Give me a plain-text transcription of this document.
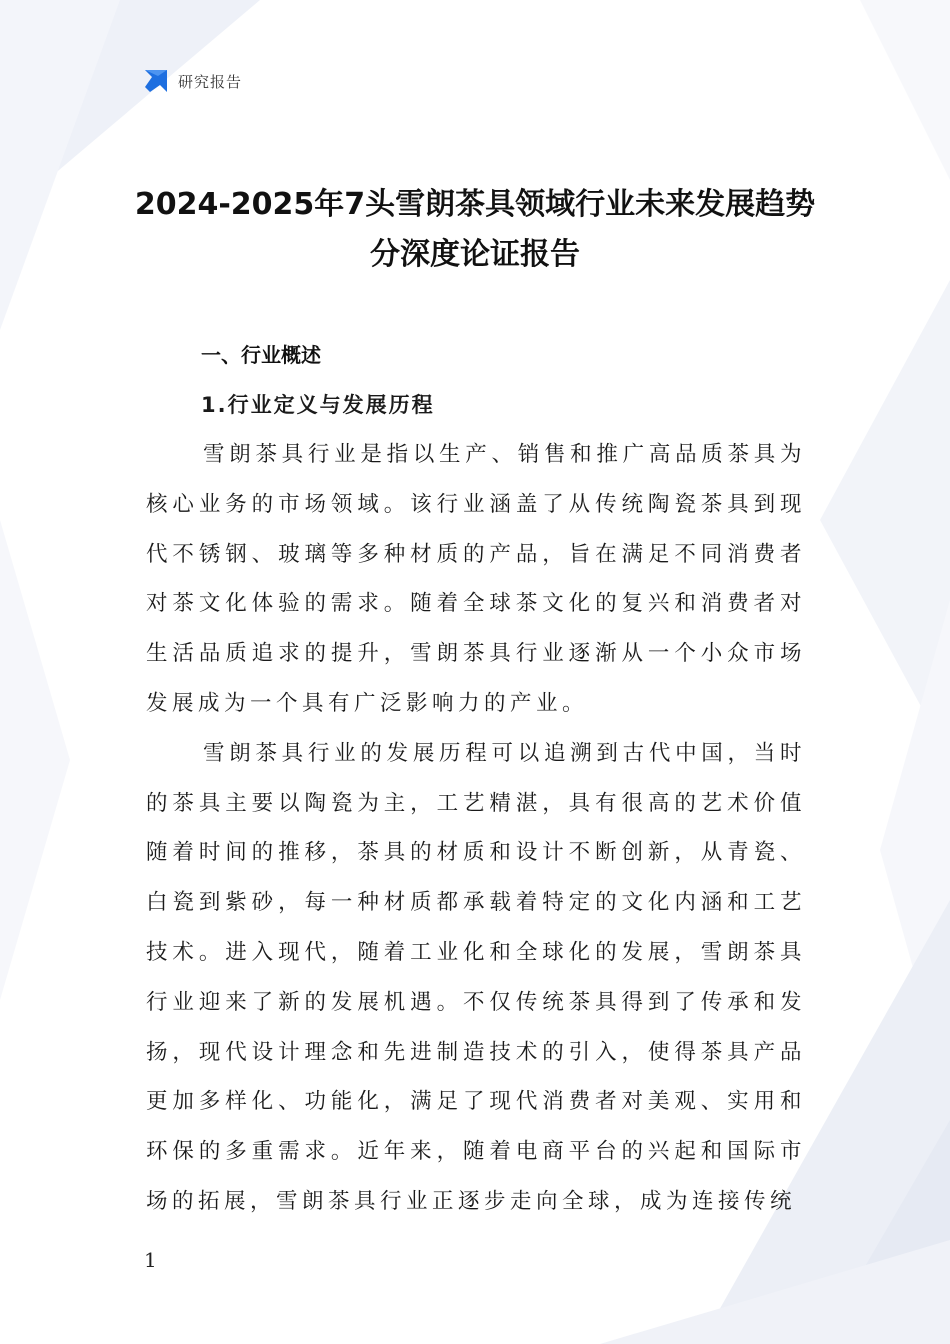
研究报告
2024-2025年7头雪朗茶具领域行业未来发展趋势分深度论证报告
一、行业概述
1.行业定义与发展历程

雪朗茶具行业是指以生产、销售和推广高品质茶具为核心业务的市场领域。该行业涵盖了从传统陶瓷茶具到现代不锈钢、玻璃等多种材质的产品，旨在满足不同消费者对茶文化体验的需求。随着全球茶文化的复兴和消费者对生活品质追求的提升，雪朗茶具行业逐渐从一个小众市场发展成为一个具有广泛影响力的产业。

雪朗茶具行业的发展历程可以追溯到古代中国，当时的茶具主要以陶瓷为主，工艺精湛，具有很高的艺术价值随着时间的推移，茶具的材质和设计不断创新，从青瓷、白瓷到紫砂，每一种材质都承载着特定的文化内涵和工艺技术。进入现代，随着工业化和全球化的发展，雪朗茶具行业迎来了新的发展机遇。不仅传统茶具得到了传承和发扬，现代设计理念和先进制造技术的引入，使得茶具产品更加多样化、功能化，满足了现代消费者对美观、实用和环保的多重需求。近年来，随着电商平台的兴起和国际市场的拓展，雪朗茶具行业正逐步走向全球，成为连接传统

1
